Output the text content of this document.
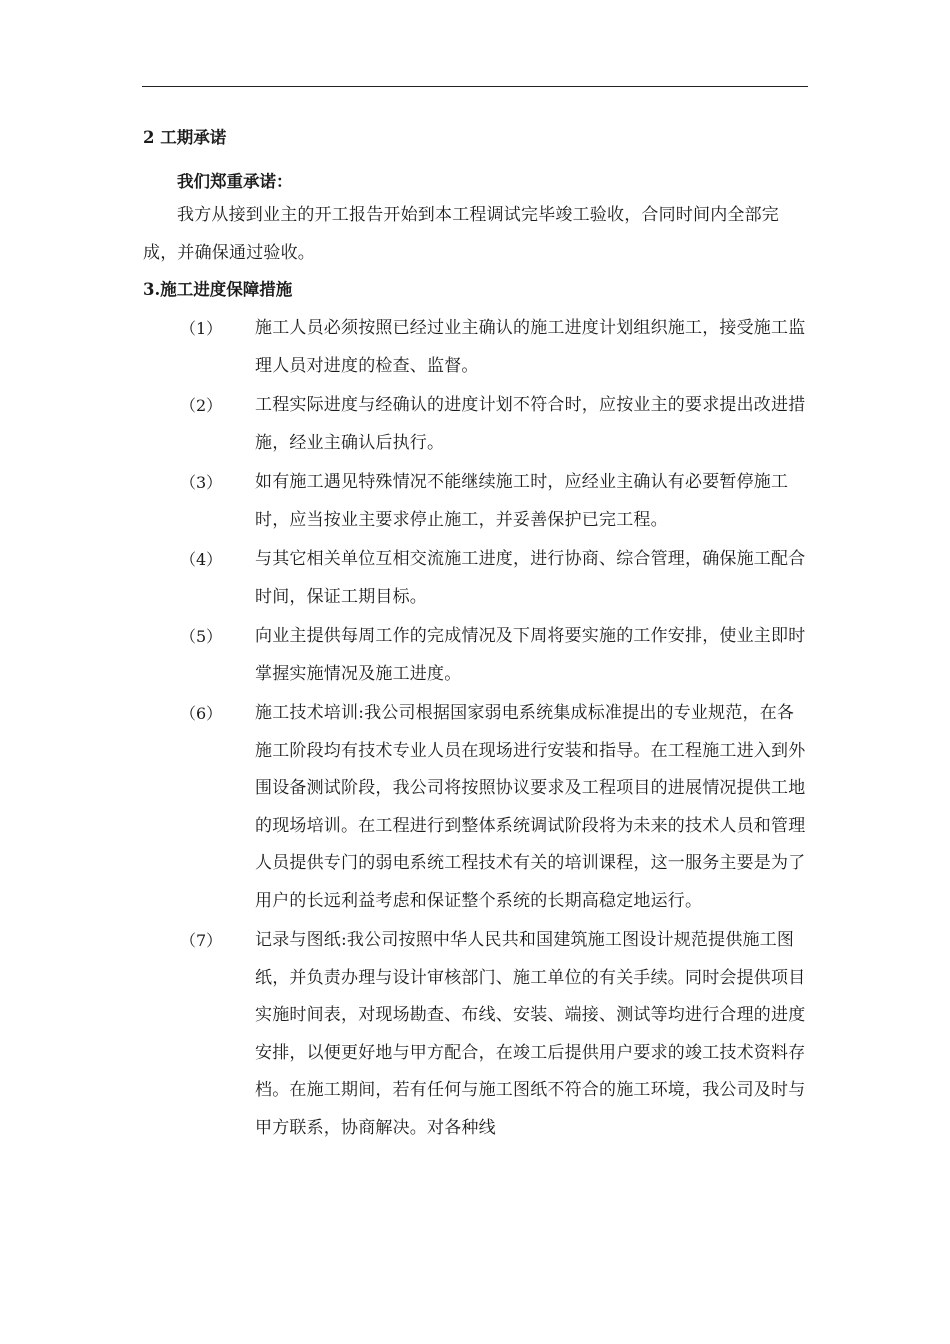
2 工期承诺
我们郑重承诺：
我方从接到业主的开工报告开始到本工程调试完毕竣工验收，合同时间内全部完成，并确保通过验收。
3.施工进度保障措施
（1）	施工人员必须按照已经过业主确认的施工进度计划组织施工，接受施工监理人员对进度的检查、监督。
（2）	工程实际进度与经确认的进度计划不符合时，应按业主的要求提出改进措施，经业主确认后执行。
（3）	如有施工遇见特殊情况不能继续施工时，应经业主确认有必要暂停施工时，应当按业主要求停止施工，并妥善保护已完工程。
（4）	与其它相关单位互相交流施工进度，进行协商、综合管理，确保施工配合时间，保证工期目标。
（5）	向业主提供每周工作的完成情况及下周将要实施的工作安排，使业主即时掌握实施情况及施工进度。
（6）	施工技术培训:我公司根据国家弱电系统集成标准提出的专业规范，在各施工阶段均有技术专业人员在现场进行安装和指导。在工程施工进入到外围设备测试阶段，我公司将按照协议要求及工程项目的进展情况提供工地的现场培训。在工程进行到整体系统调试阶段将为未来的技术人员和管理人员提供专门的弱电系统工程技术有关的培训课程，这一服务主要是为了用户的长远利益考虑和保证整个系统的长期高稳定地运行。
（7）	记录与图纸:我公司按照中华人民共和国建筑施工图设计规范提供施工图纸，并负责办理与设计审核部门、施工单位的有关手续。同时会提供项目实施时间表，对现场勘查、布线、安装、端接、测试等均进行合理的进度安排，以便更好地与甲方配合，在竣工后提供用户要求的竣工技术资料存档。在施工期间，若有任何与施工图纸不符合的施工环境，我公司及时与甲方联系，协商解决。对各种线
